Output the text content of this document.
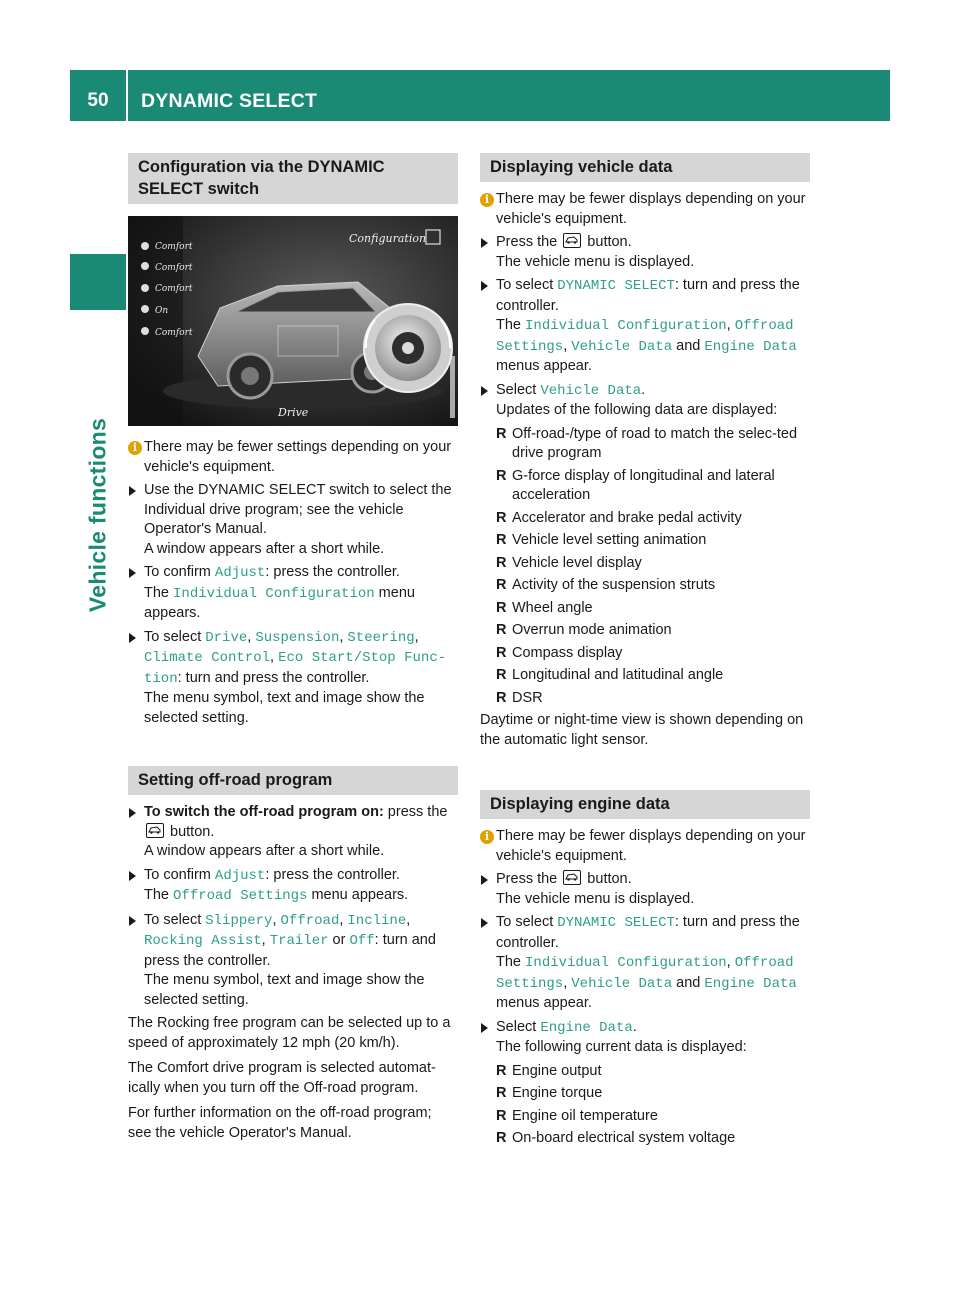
50	DYNAMIC SELECT
Vehicle functions
Configuration via the DYNAMIC SELECT switch
Comfort
Comfort
Comfort
On
Comfort
Configuration
Drive
i There may be fewer settings depending on your vehicle's equipment.
Use the DYNAMIC SELECT switch to select the Individual drive program; see the vehicle Operator's Manual.
A window appears after a short while.
To confirm Adjust: press the controller.
The Individual Configuration menu appears.
To select Drive, Suspension, Steering, Climate Control, Eco Start/Stop Func-tion: turn and press the controller.
The menu symbol, text and image show the selected setting.
Setting off-road program
To switch the off-road program on: press the
button.
A window appears after a short while.
To confirm Adjust: press the controller.
The Offroad Settings menu appears.
To select Slippery, Offroad, Incline, Rocking Assist, Trailer or Off: turn and press the controller.
The menu symbol, text and image show the selected setting.
The Rocking free program can be selected up to a speed of approximately 12 mph (20 km/h).
The Comfort drive program is selected automat-ically when you turn off the Off-road program.
For further information on the off-road program; see the vehicle Operator's Manual.
Displaying vehicle data
i There may be fewer displays depending on your vehicle's equipment.
Press the
button.
The vehicle menu is displayed.
To select DYNAMIC SELECT: turn and press the controller.
The Individual Configuration, Offroad Settings, Vehicle Data and Engine Data menus appear.
Select Vehicle Data.
Updates of the following data are displayed:
R Off-road-/type of road to match the selec-ted drive program
R G-force display of longitudinal and lateral acceleration
R Accelerator and brake pedal activity
R Vehicle level setting animation
R Vehicle level display
R Activity of the suspension struts
R Wheel angle
R Overrun mode animation
R Compass display
R Longitudinal and latitudinal angle
R DSR
Daytime or night-time view is shown depending on the automatic light sensor.
Displaying engine data
i There may be fewer displays depending on your vehicle's equipment.
Press the
button.
The vehicle menu is displayed.
To select DYNAMIC SELECT: turn and press the controller.
The Individual Configuration, Offroad Settings, Vehicle Data and Engine Data menus appear.
Select Engine Data.
The following current data is displayed:
R Engine output
R Engine torque
R Engine oil temperature
R On-board electrical system voltage
